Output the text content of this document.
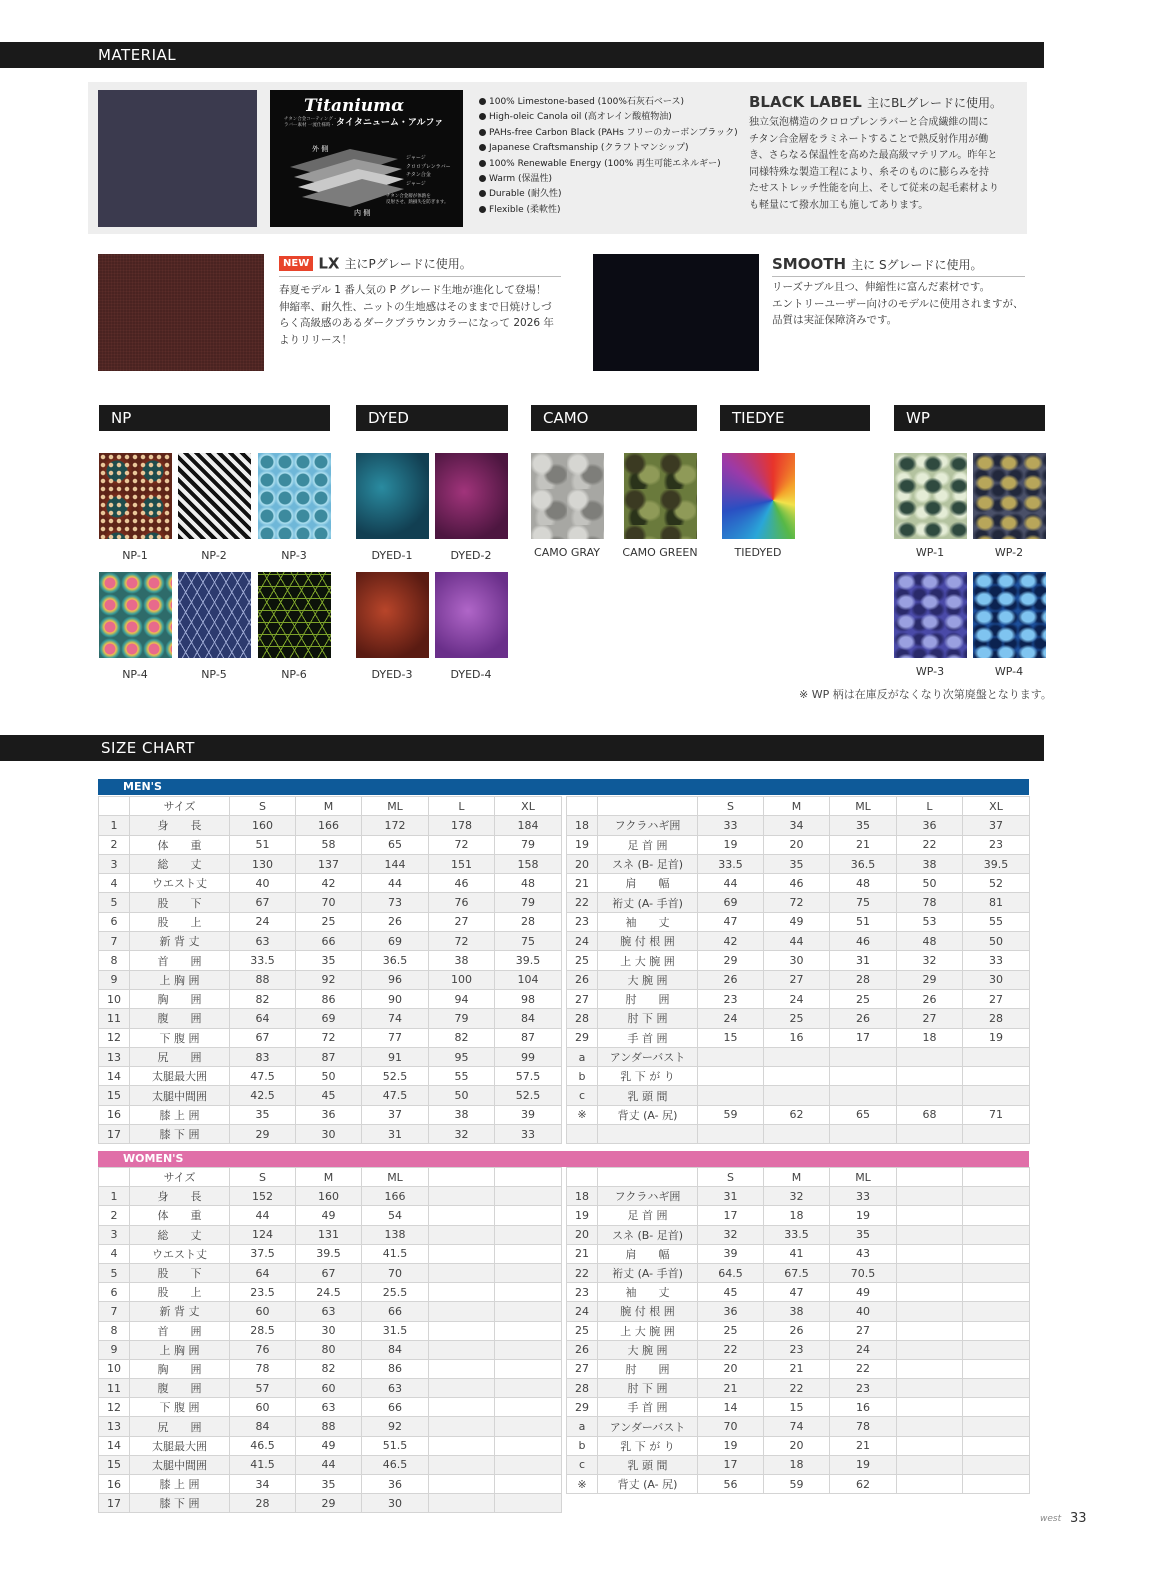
MATERIAL
Titaniumα
チタン合金コーティング・
ラバー素材 一流仕様時・ タイタニューム・アルファ
外 側
内 側
ジャージ
クロロプレンラバー
チタン合金
ジャージ
チタン合金層が体熱を
反射させ、熱損失を防ぎます。
100% Limestone-based (100%石灰石ベース)
High-oleic Canola oil (高オレイン酸植物油)
PAHs-free Carbon Black (PAHs フリーのカーボンブラック)
Japanese Craftsmanship (クラフトマンシップ)
100% Renewable Energy (100% 再生可能エネルギー)
Warm (保温性)
Durable (耐久性)
Flexible (柔軟性)
BLACK LABEL 主にBLグレードに使用。
独立気泡構造のクロロプレンラバーと合成繊維の間に
チタン合金層をラミネートすることで熱反射作用が働
き、さらなる保温性を高めた最高級マテリアル。昨年と
同様特殊な製造工程により、糸そのものに膨らみを持
たせストレッチ性能を向上、そして従来の起毛素材より
も軽量にて撥水加工も施してあります。
NEW LX 主にPグレードに使用。
春夏モデル 1 番人気の P グレード生地が進化して登場！
伸縮率、耐久性、ニットの生地感はそのままで日焼けしづ
らく高級感のあるダークブラウンカラーになって 2026 年
よりリリース！
SMOOTH 主に Sグレードに使用。
リーズナブル且つ、伸縮性に富んだ素材です。
エントリーユーザー向けのモデルに使用されますが、
品質は実証保障済みです。
NP	DYED	CAMO	TIEDYE	WP
NP-1	NP-2	NP-3
NP-4	NP-5	NP-6
DYED-1	DYED-2
DYED-3	DYED-4
CAMO GRAY	CAMO GREEN	TIEDYED	WP-1	WP-2
WP-3	WP-4
※ WP 柄は在庫反がなくなり次第廃盤となります。
SIZE CHART
MEN'S
	サイズ	S	M	ML	L	XL
1	身　　長	160	166	172	178	184
2	体　　重	51	58	65	72	79
3	総　　丈	130	137	144	151	158
4	ウエスト丈	40	42	44	46	48
5	股　　下	67	70	73	76	79
6	股　　上	24	25	26	27	28
7	新 背 丈	63	66	69	72	75
8	首　　囲	33.5	35	36.5	38	39.5
9	上 胸 囲	88	92	96	100	104
10	胸　　囲	82	86	90	94	98
11	腹　　囲	64	69	74	79	84
12	下 腹 囲	67	72	77	82	87
13	尻　　囲	83	87	91	95	99
14	太腿最大囲	47.5	50	52.5	55	57.5
15	太腿中間囲	42.5	45	47.5	50	52.5
16	膝 上 囲	35	36	37	38	39
17	膝 下 囲	29	30	31	32	33
		S	M	ML	L	XL
18	フクラハギ囲	33	34	35	36	37
19	足 首 囲	19	20	21	22	23
20	スネ (B- 足首)	33.5	35	36.5	38	39.5
21	肩　　幅	44	46	48	50	52
22	裄丈 (A- 手首)	69	72	75	78	81
23	袖　　丈	47	49	51	53	55
24	腕 付 根 囲	42	44	46	48	50
25	上 大 腕 囲	29	30	31	32	33
26	大 腕 囲	26	27	28	29	30
27	肘　　囲	23	24	25	26	27
28	肘 下 囲	24	25	26	27	28
29	手 首 囲	15	16	17	18	19
a	アンダーバスト					
b	乳 下 が り					
c	乳 頭 間					
※	背丈 (A- 尻)	59	62	65	68	71

WOMEN'S
	サイズ	S	M	ML		
1	身　　長	152	160	166		
2	体　　重	44	49	54		
3	総　　丈	124	131	138		
4	ウエスト丈	37.5	39.5	41.5		
5	股　　下	64	67	70		
6	股　　上	23.5	24.5	25.5		
7	新 背 丈	60	63	66		
8	首　　囲	28.5	30	31.5		
9	上 胸 囲	76	80	84		
10	胸　　囲	78	82	86		
11	腹　　囲	57	60	63		
12	下 腹 囲	60	63	66		
13	尻　　囲	84	88	92		
14	太腿最大囲	46.5	49	51.5		
15	太腿中間囲	41.5	44	46.5		
16	膝 上 囲	34	35	36		
17	膝 下 囲	28	29	30		
		S	M	ML		
18	フクラハギ囲	31	32	33		
19	足 首 囲	17	18	19		
20	スネ (B- 足首)	32	33.5	35		
21	肩　　幅	39	41	43		
22	裄丈 (A- 手首)	64.5	67.5	70.5		
23	袖　　丈	45	47	49		
24	腕 付 根 囲	36	38	40		
25	上 大 腕 囲	25	26	27		
26	大 腕 囲	22	23	24		
27	肘　　囲	20	21	22		
28	肘 下 囲	21	22	23		
29	手 首 囲	14	15	16		
a	アンダーバスト	70	74	78		
b	乳 下 が り	19	20	21		
c	乳 頭 間	17	18	19		
※	背丈 (A- 尻)	56	59	62		
west 33
